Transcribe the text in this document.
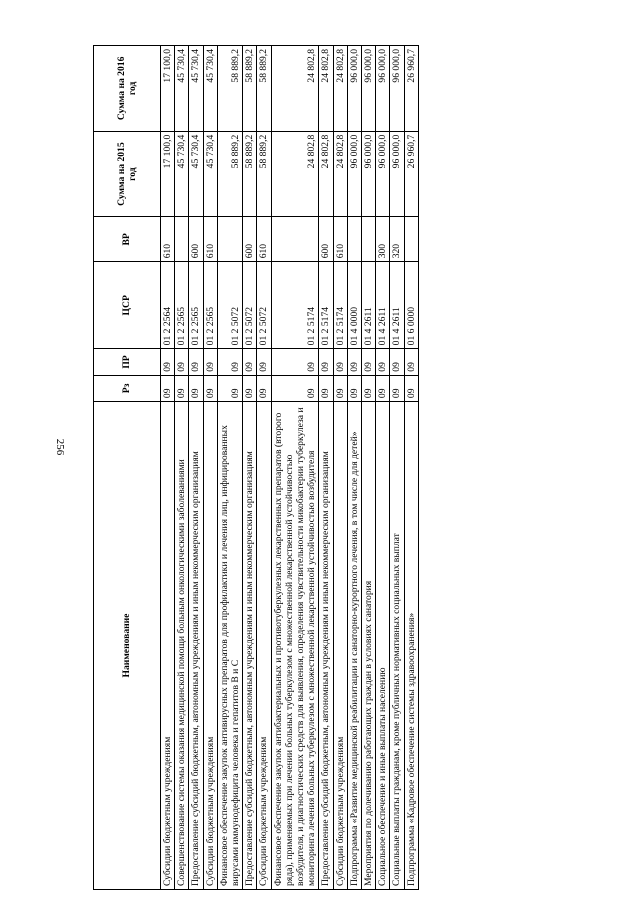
256
Наименование	Рз	ПР	ЦСР	ВР	Сумма на 2015 год	Сумма на 2016 год
Субсидии бюджетным учреждениям	09	09	01 2 2564	610	17 100,0	17 100,0
Совершенствование системы оказания медицинской помощи больным онкологическими заболеваниями	09	09	01 2 2565		45 730,4	45 730,4
Предоставление субсидий бюджетным, автономным учреждениям и иным некоммерческим организациям	09	09	01 2 2565	600	45 730,4	45 730,4
Субсидии бюджетным учреждениям	09	09	01 2 2565	610	45 730,4	45 730,4
Финансовое обеспечение закупок антивирусных препаратов для профилактики и лечения лиц, инфицированных вирусами иммунодефицита человека и гепатитов В и С	09	09	01 2 5072		58 889,2	58 889,2
Предоставление субсидий бюджетным, автономным учреждениям и иным некоммерческим организациям	09	09	01 2 5072	600	58 889,2	58 889,2
Субсидии бюджетным учреждениям	09	09	01 2 5072	610	58 889,2	58 889,2
Финансовое обеспечение закупок антибактериальных и противотуберкулезных лекарственных препаратов (второго ряда), применяемых при лечении больных туберкулезом с множественной лекарственной устойчивостью возбудителя, и диагностических средств для выявления, определения чувствительности микобактерии туберкулеза и мониторинга лечения больных туберкулезом с множественной лекарственной устойчивостью возбудителя	09	09	01 2 5174		24 802,8	24 802,8
Предоставление субсидий бюджетным, автономным учреждениям и иным некоммерческим организациям	09	09	01 2 5174	600	24 802,8	24 802,8
Субсидии бюджетным учреждениям	09	09	01 2 5174	610	24 802,8	24 802,8
Подпрограмма «Развитие медицинской реабилитации и санаторно-курортного лечения, в том числе для детей»	09	09	01 4 0000		96 000,0	96 000,0
Мероприятия по долечиванию работающих граждан в условиях санатория	09	09	01 4 2611		96 000,0	96 000,0
Социальное обеспечение и иные выплаты населению	09	09	01 4 2611	300	96 000,0	96 000,0
Социальные выплаты гражданам, кроме публичных нормативных социальных выплат	09	09	01 4 2611	320	96 000,0	96 000,0
Подпрограмма «Кадровое обеспечение системы здравоохранения»	09	09	01 6 0000		26 960,7	26 960,7
